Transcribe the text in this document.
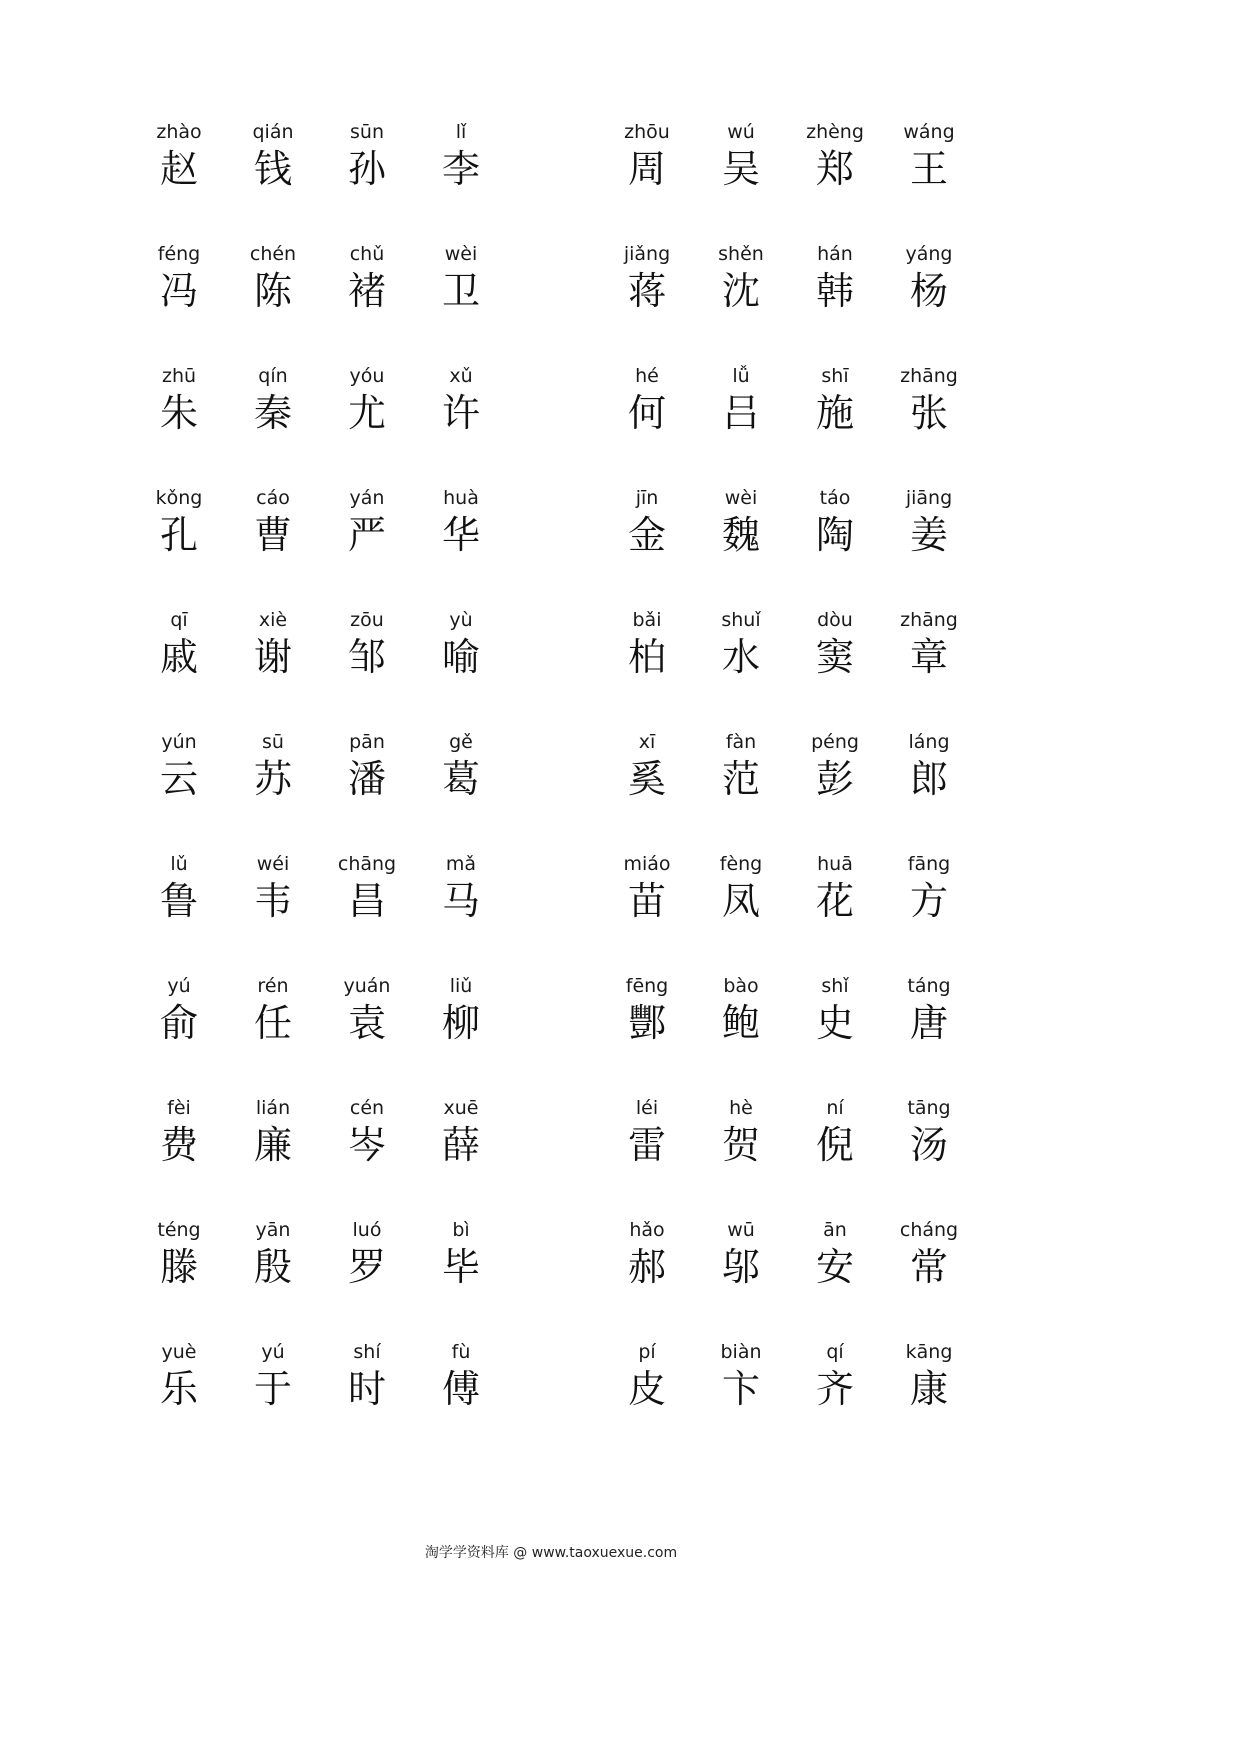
zhào
赵
qián
钱
sūn
孙
lǐ
李
féng
冯
chén
陈
chǔ
褚
wèi
卫
zhū
朱
qín
秦
yóu
尤
xǔ
许
kǒng
孔
cáo
曹
yán
严
huà
华
qī
戚
xiè
谢
zōu
邹
yù
喻
yún
云
sū
苏
pān
潘
gě
葛
lǔ
鲁
wéi
韦
chāng
昌
mǎ
马
yú
俞
rén
任
yuán
袁
liǔ
柳
fèi
费
lián
廉
cén
岑
xuē
薛
téng
滕
yān
殷
luó
罗
bì
毕
yuè
乐
yú
于
shí
时
fù
傅
zhōu
周
wú
吴
zhèng
郑
wáng
王
jiǎng
蒋
shěn
沈
hán
韩
yáng
杨
hé
何
lǚ
吕
shī
施
zhāng
张
jīn
金
wèi
魏
táo
陶
jiāng
姜
bǎi
柏
shuǐ
水
dòu
窦
zhāng
章
xī
奚
fàn
范
péng
彭
láng
郎
miáo
苗
fèng
凤
huā
花
fāng
方
fēng
酆
bào
鲍
shǐ
史
táng
唐
léi
雷
hè
贺
ní
倪
tāng
汤
hǎo
郝
wū
邬
ān
安
cháng
常
pí
皮
biàn
卞
qí
齐
kāng
康
淘学学资料库 @ www.taoxuexue.com
